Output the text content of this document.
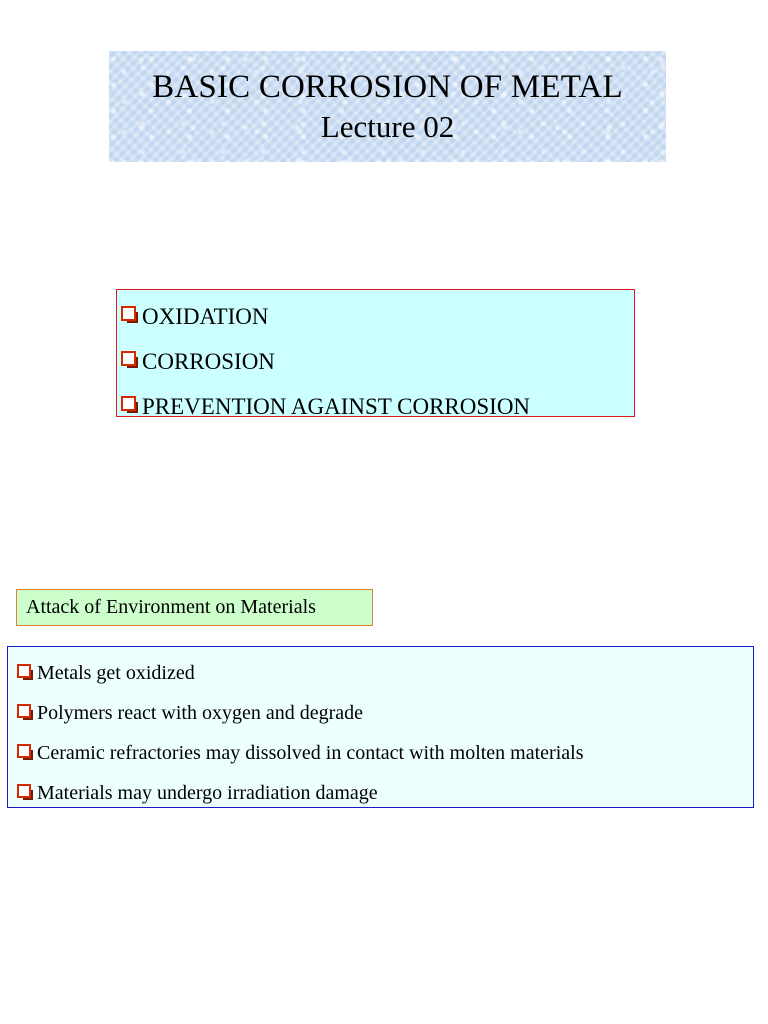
BASIC CORROSION OF METAL
Lecture 02
OXIDATION
CORROSION
PREVENTION AGAINST CORROSION
Attack of Environment on Materials
Metals get oxidized
Polymers react with oxygen and degrade
Ceramic refractories may dissolved in contact with molten materials
Materials may undergo irradiation damage
